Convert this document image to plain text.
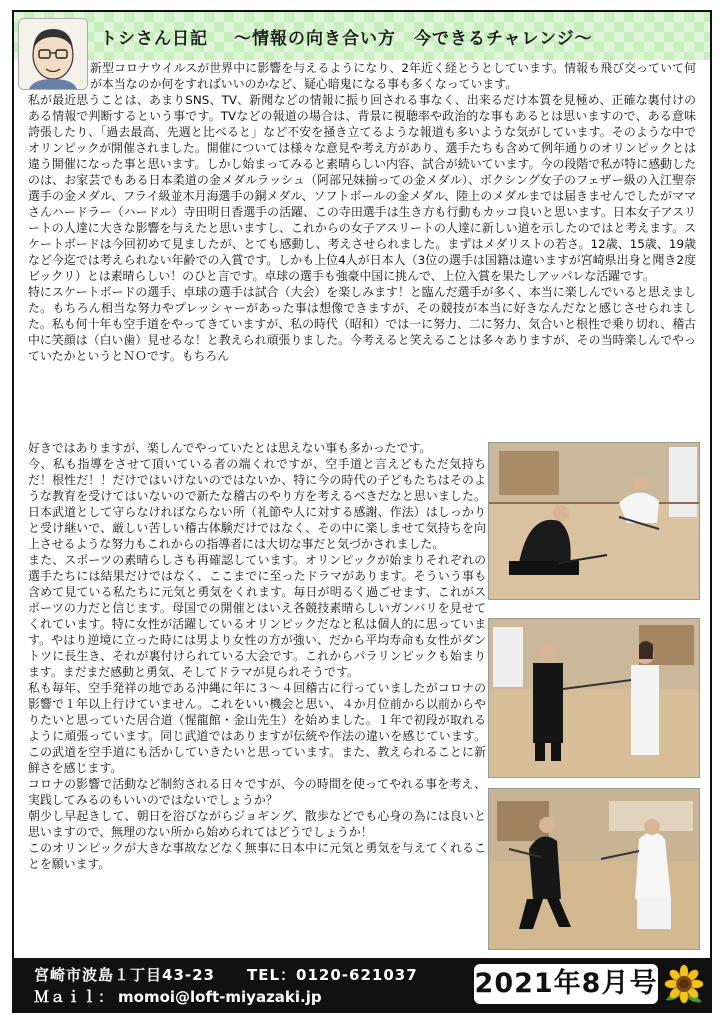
トシさん日記 ～情報の向き合い方　今できるチャレンジ～

新型コロナウイルスが世界中に影響を与えるようになり、2年近く経とうとしています。情報も飛び交っていて何が本当なのか何をすればいいのかなど、疑心暗鬼になる事も多くなっています。

私が最近思うことは、あまりSNS、TV、新聞などの情報に振り回される事なく、出来るだけ本質を見極め、正確な裏付けのある情報で判断するという事です。TVなどの報道の場合は、背景に視聴率や政治的な事もあるとは思いますので、ある意味誇張したり、「過去最高、先週と比べると」など不安を掻き立てるような報道も多いような気がしています。そのような中でオリンピックが開催されました。開催については様々な意見や考え方があり、選手たちも含めて例年通りのオリンピックとは違う開催になった事と思います。しかし始まってみると素晴らしい内容、試合が続いています。今の段階で私が特に感動したのは、お家芸でもある日本柔道の金メダルラッシュ（阿部兄妹揃っての金メダル）、ボクシング女子のフェザー級の入江聖奈選手の金メダル、フライ級並木月海選手の銅メダル、ソフトボールの金メダル、陸上のメダルまでは届きませんでしたがママさんハードラー（ハードル）寺田明日香選手の活躍、この寺田選手は生き方も行動もカッコ良いと思います。日本女子アスリートの人達に大きな影響を与えたと思いますし、これからの女子アスリートの人達に新しい道を示したのではと考えます。スケートボードは今回初めて見ましたが、とても感動し、考えさせられました。まずはメダリストの若さ。12歳、15歳、19歳など今迄では考えられない年齢での入賞です。しかも上位4人が日本人（3位の選手は国籍は違いますが宮崎県出身と聞き2度ビックリ）とは素晴らしい！のひと言です。卓球の選手も強豪中国に挑んで、上位入賞を果たしアッパレな活躍です。

特にスケートボードの選手、卓球の選手は試合（大会）を楽しみます！と臨んだ選手が多く、本当に楽しんでいると思えました。もちろん相当な努力やプレッシャーがあった事は想像できますが、その競技が本当に好きなんだなと感じさせられました。私も何十年も空手道をやってきていますが、私の時代（昭和）では一に努力、二に努力、気合いと根性で乗り切れ、稽古中に笑顔は（白い歯）見せるな！と教えられ頑張りました。今考えると笑えることは多々ありますが、その当時楽しんでやっていたかというとＮＯです。もちろん

好きではありますが、楽しんでやっていたとは思えない事も多かったです。

今、私も指導をさせて頂いている者の端くれですが、空手道と言えどもただ気持ちだ！根性だ！！だけではいけないのではないか、特に今の時代の子どもたちはそのような教育を受けてはいないので新たな稽古のやり方を考えるべきだなと思いました。日本武道として守らなければならない所（礼節や人に対する感謝、作法）はしっかりと受け継いで、厳しい苦しい稽古体験だけではなく、その中に楽しませて気持ちを向上させるような努力もこれからの指導者には大切な事だと気づかされました。

また、スポーツの素晴らしさも再確認しています。オリンピックが始まりそれぞれの選手たちには結果だけではなく、ここまでに至ったドラマがあります。そういう事も含めて見ている私たちに元気と勇気をくれます。毎日が明るく過ごせます、これがスポーツの力だと信じます。母国での開催とはいえ各競技素晴らしいガンバリを見せてくれています。特に女性が活躍しているオリンピックだなと私は個人的に思っています。やはり逆境に立った時には男より女性の方が強い、だから平均寿命も女性がダントツに長生き、それが裏付けられている大会です。これからパラリンピックも始まります。まだまだ感動と勇気、そしてドラマが見られそうです。

私も毎年、空手発祥の地である沖縄に年に３～４回稽古に行っていましたがコロナの影響で１年以上行けていません。これをいい機会と思い、４か月位前から以前からやりたいと思っていた居合道（惺龍館・金山先生）を始めました。１年で初段が取れるように頑張っています。同じ武道ではありますが伝統や作法の違いを感じています。この武道を空手道にも活かしていきたいと思っています。また、教えられることに新鮮さを感じます。

コロナの影響で活動など制約される日々ですが、今の時間を使ってやれる事を考え、実践してみるのもいいのではないでしょうか？

朝少し早起きして、朝日を浴びながらジョギング、散歩などでも心身の為には良いと思いますので、無理のない所から始められてはどうでしょうか！

このオリンピックが大きな事故などなく無事に日本中に元気と勇気を与えてくれることを願います。

宮崎市波島１丁目43-23 TEL：0120-621037
Ｍａｉｌ： momoi@loft-miyazaki.jp	2021年8月号
